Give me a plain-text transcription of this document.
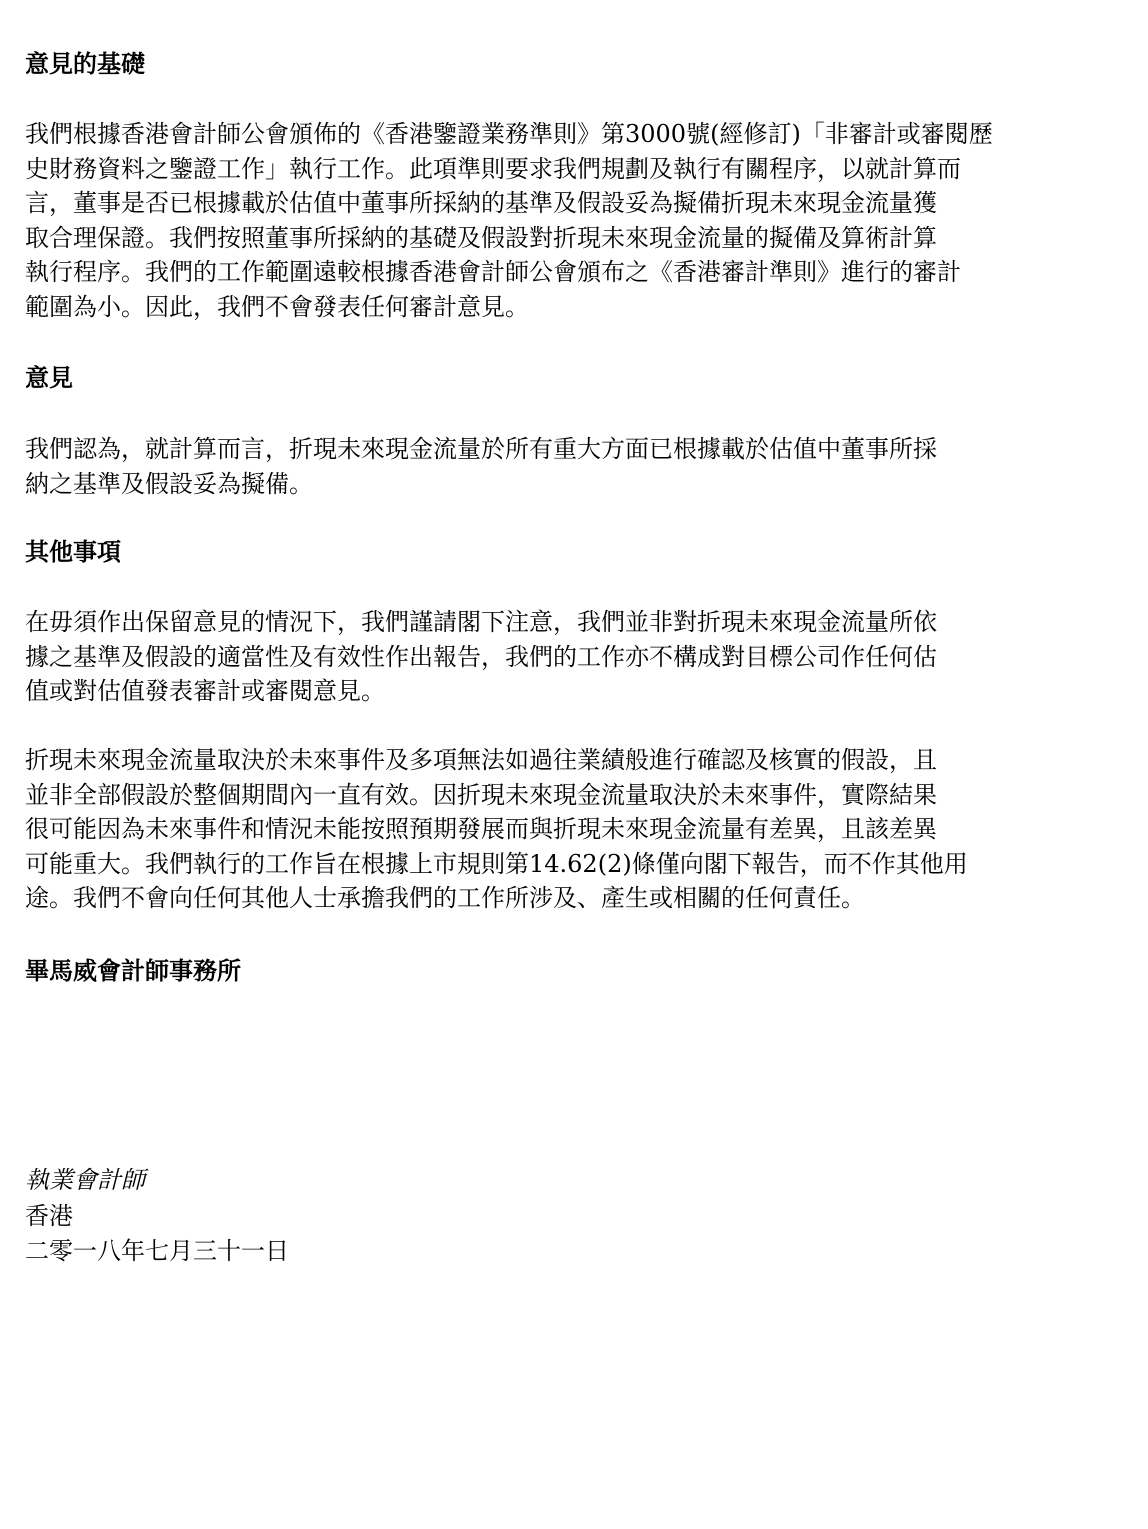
意見的基礎
我們根據香港會計師公會頒佈的《香港鑒證業務準則》第3000號(經修訂)「非審計或審閱歷
史財務資料之鑒證工作」執行工作。此項準則要求我們規劃及執行有關程序，以就計算而
言，董事是否已根據載於估值中董事所採納的基準及假設妥為擬備折現未來現金流量獲
取合理保證。我們按照董事所採納的基礎及假設對折現未來現金流量的擬備及算術計算
執行程序。我們的工作範圍遠較根據香港會計師公會頒布之《香港審計準則》進行的審計
範圍為小。因此，我們不會發表任何審計意見。
意見
我們認為，就計算而言，折現未來現金流量於所有重大方面已根據載於估值中董事所採
納之基準及假設妥為擬備。
其他事項
在毋須作出保留意見的情況下，我們謹請閣下注意，我們並非對折現未來現金流量所依
據之基準及假設的適當性及有效性作出報告，我們的工作亦不構成對目標公司作任何估
值或對估值發表審計或審閱意見。
折現未來現金流量取決於未來事件及多項無法如過往業績般進行確認及核實的假設，且
並非全部假設於整個期間內一直有效。因折現未來現金流量取決於未來事件，實際結果
很可能因為未來事件和情況未能按照預期發展而與折現未來現金流量有差異，且該差異
可能重大。我們執行的工作旨在根據上市規則第14.62(2)條僅向閣下報告，而不作其他用
途。我們不會向任何其他人士承擔我們的工作所涉及、產生或相關的任何責任。
畢馬威會計師事務所

執業會計師

香港

二零一八年七月三十一日
